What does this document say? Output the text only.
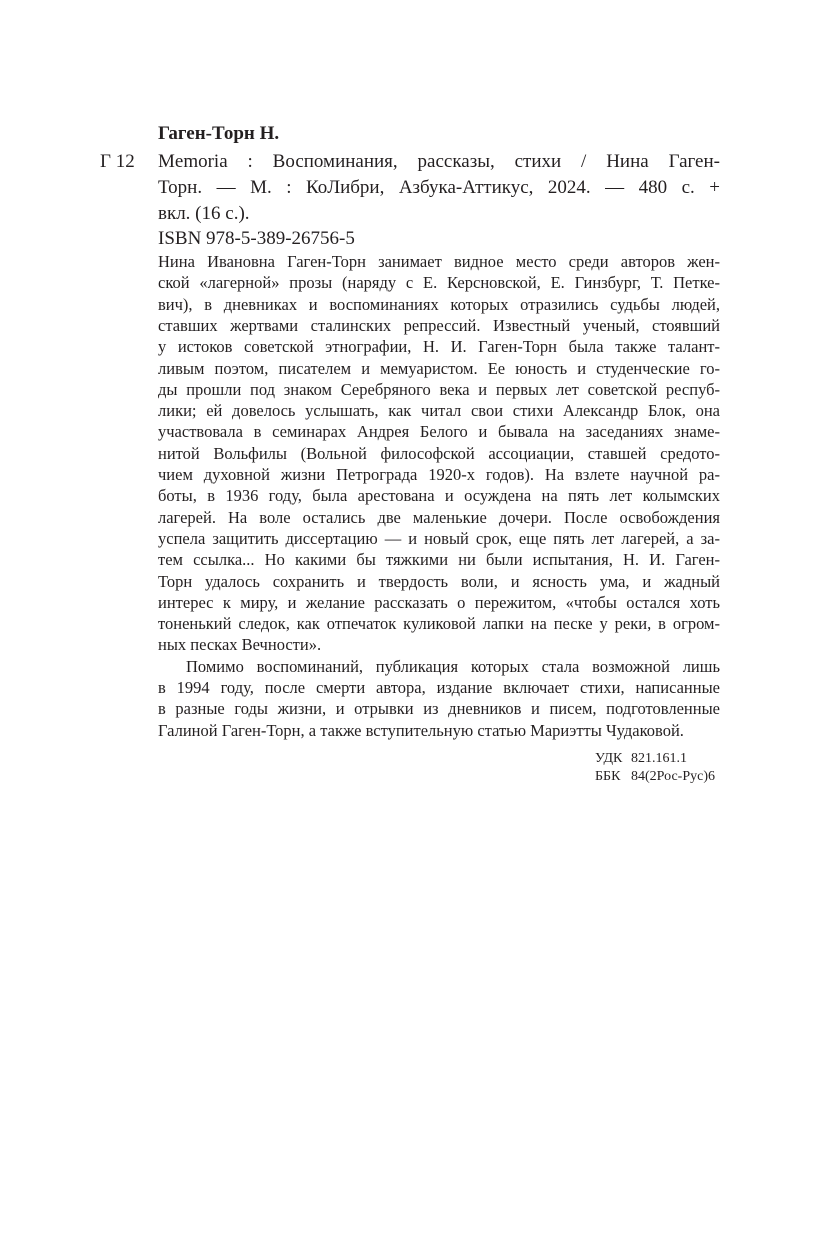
Гаген-Торн Н.
Г 12 Memoria : Воспоминания, рассказы, стихи / Нина Гаген-
Торн. — М. : КоЛибри, Азбука-Аттикус, 2024. — 480 с. +
вкл. (16 с.).
ISBN 978-5-389-26756-5
Нина Ивановна Гаген-Торн занимает видное место среди авторов жен-
ской «лагерной» прозы (наряду с Е. Керсновской, Е. Гинзбург, Т. Петке-
вич), в дневниках и воспоминаниях которых отразились судьбы людей,
ставших жертвами сталинских репрессий. Известный ученый, стоявший
у истоков советской этнографии, Н. И. Гаген-Торн была также талант-
ливым поэтом, писателем и мемуаристом. Ее юность и студенческие го-
ды прошли под знаком Серебряного века и первых лет советской респуб-
лики; ей довелось услышать, как читал свои стихи Александр Блок, она
участвовала в семинарах Андрея Белого и бывала на заседаниях знаме-
нитой Вольфилы (Вольной философской ассоциации, ставшей средото-
чием духовной жизни Петрограда 1920-х годов). На взлете научной ра-
боты, в 1936 году, была арестована и осуждена на пять лет колымских
лагерей. На воле остались две маленькие дочери. После освобождения
успела защитить диссертацию — и новый срок, еще пять лет лагерей, а за-
тем ссылка... Но какими бы тяжкими ни были испытания, Н. И. Гаген-
Торн удалось сохранить и твердость воли, и ясность ума, и жадный
интерес к миру, и желание рассказать о пережитом, «чтобы остался хоть
тоненький следок, как отпечаток куликовой лапки на песке у реки, в огром-
ных песках Вечности».
Помимо воспоминаний, публикация которых стала возможной лишь
в 1994 году, после смерти автора, издание включает стихи, написанные
в разные годы жизни, и отрывки из дневников и писем, подготовленные
Галиной Гаген-Торн, а также вступительную статью Мариэтты Чудаковой.
УДК 821.161.1
ББК 84(2Рос-Рус)6
